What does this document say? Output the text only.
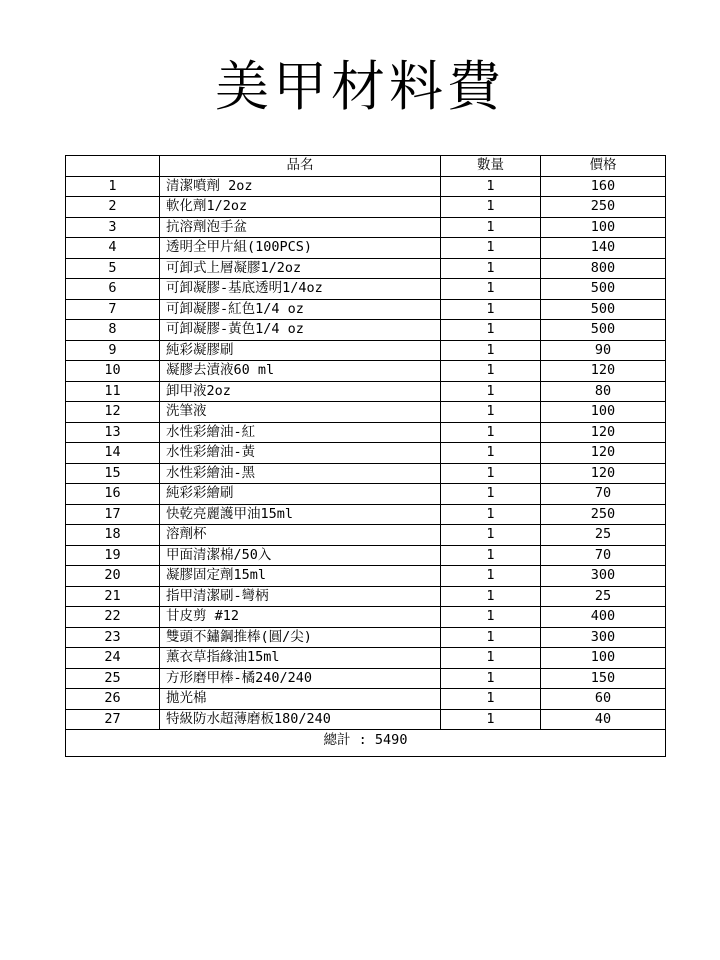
美甲材料費
	品名	數量	價格
1	清潔噴劑 2oz	1	160
2	軟化劑1/2oz	1	250
3	抗溶劑泡手盆	1	100
4	透明全甲片組(100PCS)	1	140
5	可卸式上層凝膠1/2oz	1	800
6	可卸凝膠-基底透明1/4oz	1	500
7	可卸凝膠-紅色1/4 oz	1	500
8	可卸凝膠-黃色1/4 oz	1	500
9	純彩凝膠刷	1	90
10	凝膠去漬液60 ml	1	120
11	卸甲液2oz	1	80
12	洗筆液	1	100
13	水性彩繪油-紅	1	120
14	水性彩繪油-黃	1	120
15	水性彩繪油-黑	1	120
16	純彩彩繪刷	1	70
17	快乾亮麗護甲油15ml	1	250
18	溶劑杯	1	25
19	甲面清潔棉/50入	1	70
20	凝膠固定劑15ml	1	300
21	指甲清潔刷-彎柄	1	25
22	甘皮剪 #12	1	400
23	雙頭不鏽鋼推棒(圓/尖)	1	300
24	薰衣草指緣油15ml	1	100
25	方形磨甲棒-橘240/240	1	150
26	拋光棉	1	60
27	特級防水超薄磨板180/240	1	40
總計 : 5490			
